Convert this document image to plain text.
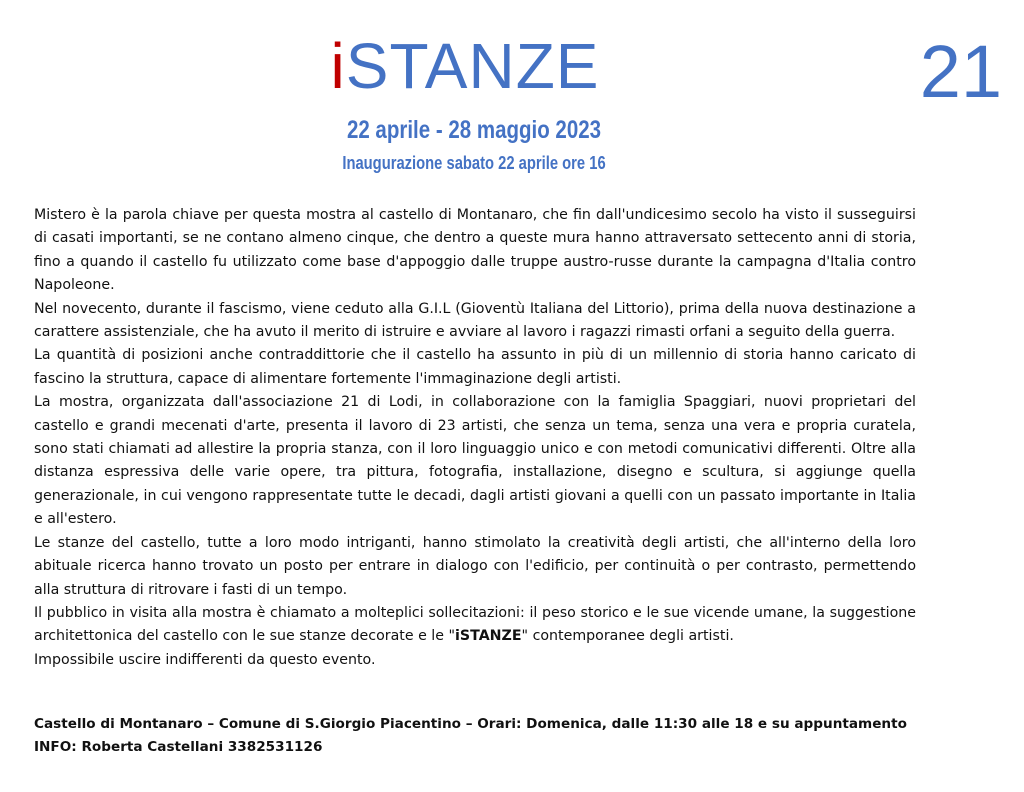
iSTANZE	21
22 aprile - 28 maggio 2023
Inaugurazione sabato 22 aprile ore 16

Mistero è la parola chiave per questa mostra al castello di Montanaro, che fin dall'undicesimo secolo ha visto il susseguirsi di casati importanti, se ne contano almeno cinque, che dentro a queste mura hanno attraversato settecento anni di storia, fino a quando il castello fu utilizzato come base d'appoggio dalle truppe austro-russe durante la campagna d'Italia contro Napoleone.

Nel novecento, durante il fascismo, viene ceduto alla G.I.L (Gioventù Italiana del Littorio), prima della nuova destinazione a carattere assistenziale, che ha avuto il merito di istruire e avviare al lavoro i ragazzi rimasti orfani a seguito della guerra.

La quantità di posizioni anche contraddittorie che il castello ha assunto in più di un millennio di storia hanno caricato di fascino la struttura, capace di alimentare fortemente l'immaginazione degli artisti.

La mostra, organizzata dall'associazione 21 di Lodi, in collaborazione con la famiglia Spaggiari, nuovi proprietari del castello e grandi mecenati d'arte, presenta il lavoro di 23 artisti, che senza un tema, senza una vera e propria curatela, sono stati chiamati ad allestire la propria stanza, con il loro linguaggio unico e con metodi comunicativi differenti. Oltre alla distanza espressiva delle varie opere, tra pittura, fotografia, installazione, disegno e scultura, si aggiunge quella generazionale, in cui vengono rappresentate tutte le decadi, dagli artisti giovani a quelli con un passato importante in Italia e all'estero.

Le stanze del castello, tutte a loro modo intriganti, hanno stimolato la creatività degli artisti, che all'interno della loro abituale ricerca hanno trovato un posto per entrare in dialogo con l'edificio, per continuità o per contrasto, permettendo alla struttura di ritrovare i fasti di un tempo.

Il pubblico in visita alla mostra è chiamato a molteplici sollecitazioni: il peso storico e le sue vicende umane, la suggestione architettonica del castello con le sue stanze decorate e le "iSTANZE" contemporanee degli artisti.

Impossibile uscire indifferenti da questo evento.

Castello di Montanaro – Comune di S.Giorgio Piacentino – Orari: Domenica, dalle 11:30 alle 18 e su appuntamento
INFO: Roberta Castellani 3382531126
